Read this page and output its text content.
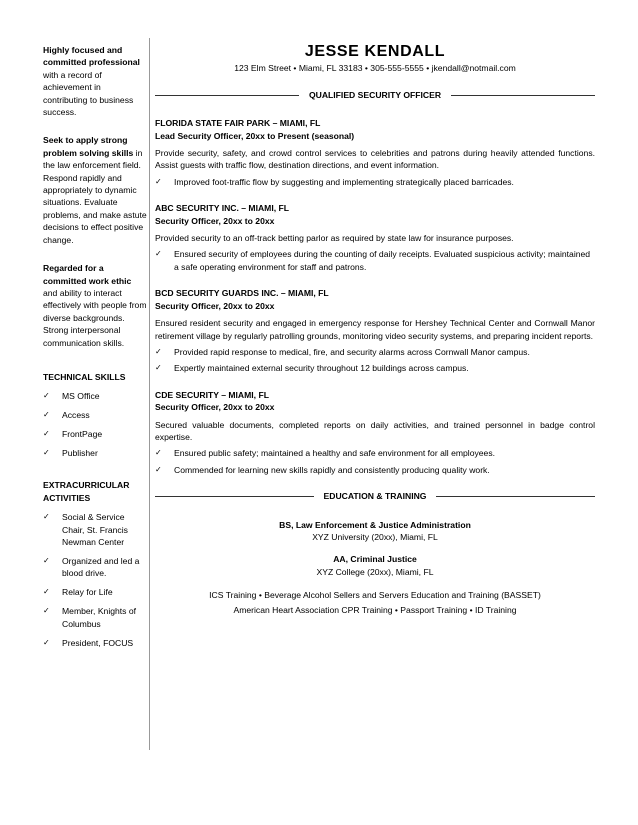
Highly focused and committed professional with a record of achievement in contributing to business success.
Seek to apply strong problem solving skills in the law enforcement field. Respond rapidly and appropriately to dynamic situations. Evaluate problems, and make astute decisions to effect positive change.
Regarded for a committed work ethic and ability to interact effectively with people from diverse backgrounds. Strong interpersonal communication skills.
TECHNICAL SKILLS
✓ MS Office
✓ Access
✓ FrontPage
✓ Publisher
EXTRACURRICULAR ACTIVITIES
✓ Social & Service Chair, St. Francis Newman Center
✓ Organized and led a blood drive.
✓ Relay for Life
✓ Member, Knights of Columbus
✓ President, FOCUS
JESSE KENDALL
123 Elm Street • Miami, FL 33183 • 305-555-5555 • jkendall@notmail.com
QUALIFIED SECURITY OFFICER
FLORIDA STATE FAIR PARK – MIAMI, FL
Lead Security Officer, 20xx to Present (seasonal)

Provide security, safety, and crowd control services to celebrities and patrons during heavily attended functions. Assist guests with traffic flow, destination directions, and event information.

✓ Improved foot-traffic flow by suggesting and implementing strategically placed barricades.
ABC SECURITY INC. – MIAMI, FL
Security Officer, 20xx to 20xx

Provided security to an off-track betting parlor as required by state law for insurance purposes.

✓ Ensured security of employees during the counting of daily receipts. Evaluated suspicious activity; maintained a safe operating environment for staff and patrons.
BCD SECURITY GUARDS INC. – MIAMI, FL
Security Officer, 20xx to 20xx

Ensured resident security and engaged in emergency response for Hershey Technical Center and Cornwall Manor retirement village by regularly patrolling grounds, monitoring video security systems, and preparing incident reports.

✓ Provided rapid response to medical, fire, and security alarms across Cornwall Manor campus.
✓ Expertly maintained external security throughout 12 buildings across campus.
CDE SECURITY – MIAMI, FL
Security Officer, 20xx to 20xx

Secured valuable documents, completed reports on daily activities, and trained personnel in badge control expertise.

✓ Ensured public safety; maintained a healthy and safe environment for all employees.
✓ Commended for learning new skills rapidly and consistently producing quality work.
EDUCATION & TRAINING
BS, Law Enforcement & Justice Administration
XYZ University (20xx), Miami, FL
AA, Criminal Justice
XYZ College (20xx), Miami, FL
ICS Training • Beverage Alcohol Sellers and Servers Education and Training (BASSET)
American Heart Association CPR Training • Passport Training • ID Training
